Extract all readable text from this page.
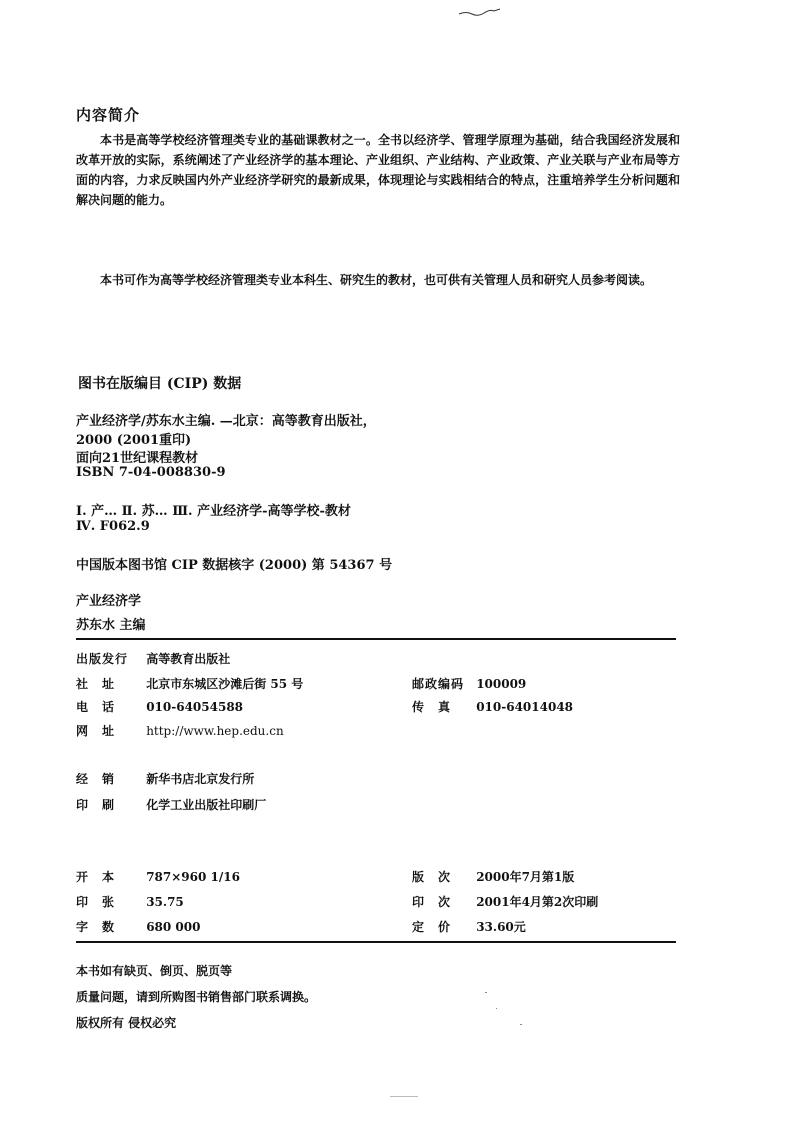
内容简介
本书是高等学校经济管理类专业的基础课教材之一。全书以经济学、管理学原理为基础，结合我国经济发展和改革开放的实际，系统阐述了产业经济学的基本理论、产业组织、产业结构、产业政策、产业关联与产业布局等方面的内容，力求反映国内外产业经济学研究的最新成果，体现理论与实践相结合的特点，注重培养学生分析问题和解决问题的能力。
本书可作为高等学校经济管理类专业本科生、研究生的教材，也可供有关管理人员和研究人员参考阅读。
图书在版编目 (CIP) 数据
产业经济学/苏东水主编. —北京：高等教育出版社，
2000 (2001重印)
面向21世纪课程教材
ISBN 7-04-008830-9
Ⅰ. 产… Ⅱ. 苏… Ⅲ. 产业经济学-高等学校-教材
Ⅳ. F062.9
中国版本图书馆 CIP 数据核字 (2000) 第 54367 号
产业经济学
苏东水 主编
出版发行 高等教育出版社
社址 北京市东城区沙滩后街 55 号	邮政编码 100009
电话 010-64054588	传真 010-64014048
网址 http://www.hep.edu.cn
经销 新华书店北京发行所
印刷 化学工业出版社印刷厂
开本 787×960 1/16	版次 2000年7月第1版
印张 35.75	印次 2001年4月第2次印刷
字数 680 000	定价 33.60元
本书如有缺页、倒页、脱页等
质量问题，请到所购图书销售部门联系调换。
版权所有 侵权必究
